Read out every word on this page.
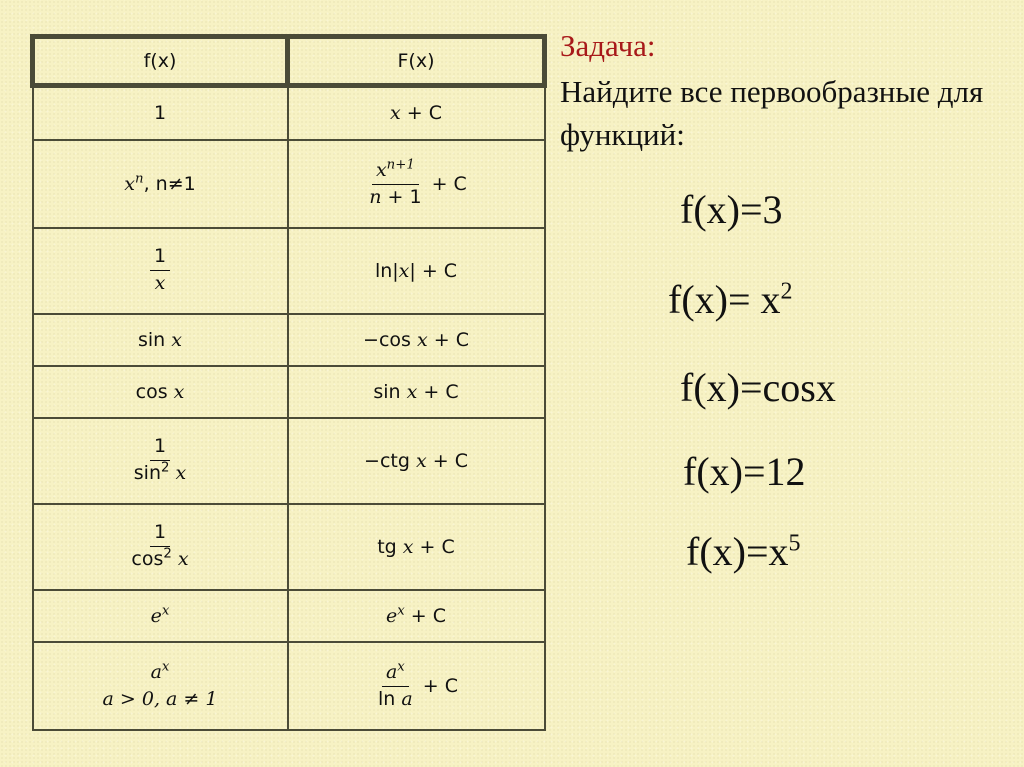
f(x)	F(x)
1	x + C
$x^n$, n≠1	$\frac{x^{n+1}}{n + 1} + C$

$\frac{1}{x}$	ln|x| + C
sin x	−cos x + C
cos x	sin x + C

$\frac{1}{\sin^2 x}$	−ctg x + C

$\frac{1}{\cos^2 x}$	tg x + C
$e^x$	$e^x + C$

$a^x$
a > 0, a ≠ 1	$\frac{a^x}{\text{ln a}} + C$
Задача:
Найдите все первообразные для функций:
f(x)=3
$f(x)= x^2$
f(x)=cosx
f(x)=12
$f(x)=x^5$
